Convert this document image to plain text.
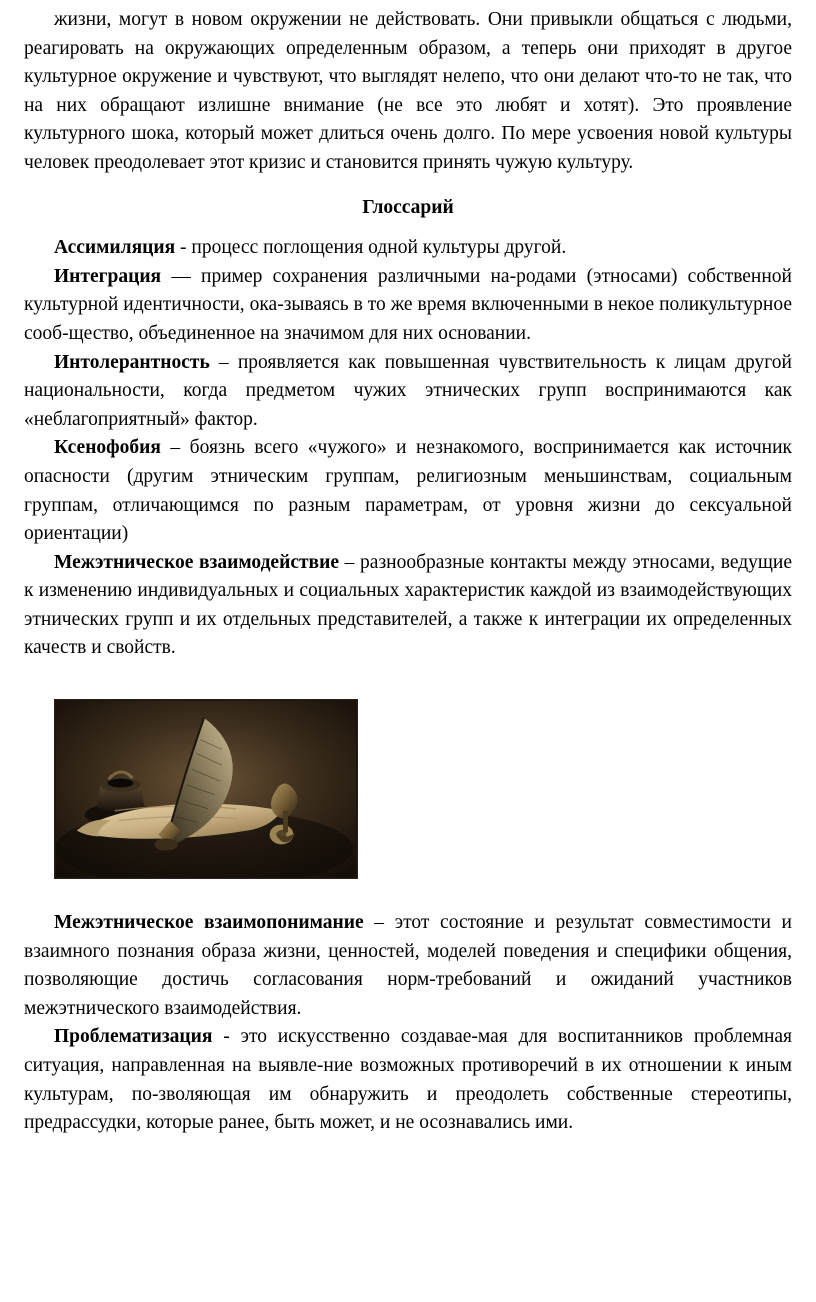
жизни, могут в новом окружении не действовать. Они привыкли общаться с людьми, реагировать на окружающих определенным образом, а теперь они приходят в другое культурное окружение и чувствуют, что выглядят нелепо, что они делают что-то не так, что на них обращают излишне внимание (не все это любят и хотят). Это проявление культурного шока, который может длиться очень долго. По мере усвоения новой культуры человек преодолевает этот кризис и становится принять чужую культуру.

Глоссарий

Ассимиляция - процесс поглощения одной культуры другой.

Интеграция — пример сохранения различными на-родами (этносами) собственной культурной идентичности, ока-зываясь в то же время включенными в некое поликультурное сооб-щество, объединенное на значимом для них основании.

Интолерантность – проявляется как повышенная чувствительность к лицам другой национальности, когда предметом чужих этнических групп воспринимаются как «неблагоприятный» фактор.

Ксенофобия – боязнь всего «чужого» и незнакомого, воспринимается как источник опасности (другим этническим группам, религиозным меньшинствам, социальным группам, отличающимся по разным параметрам, от уровня жизни до сексуальной ориентации)

Межэтническое взаимодействие – разнообразные контакты между этносами, ведущие к изменению индивидуальных и социальных характеристик каждой из взаимодействующих этнических групп и их отдельных представителей, а также к интеграции их определенных качеств и свойств.

Межэтническое взаимопонимание – этот состояние и результат совместимости и взаимного познания образа жизни, ценностей, моделей поведения и специфики общения, позволяющие достичь согласования норм-требований и ожиданий участников межэтнического взаимодействия.

Проблематизация - это искусственно создавае-мая для воспитанников проблемная ситуация, направленная на выявле-ние возможных противоречий в их отношении к иным культурам, по-зволяющая им обнаружить и преодолеть собственные стереотипы, предрассудки, которые ранее, быть может, и не осознавались ими.
